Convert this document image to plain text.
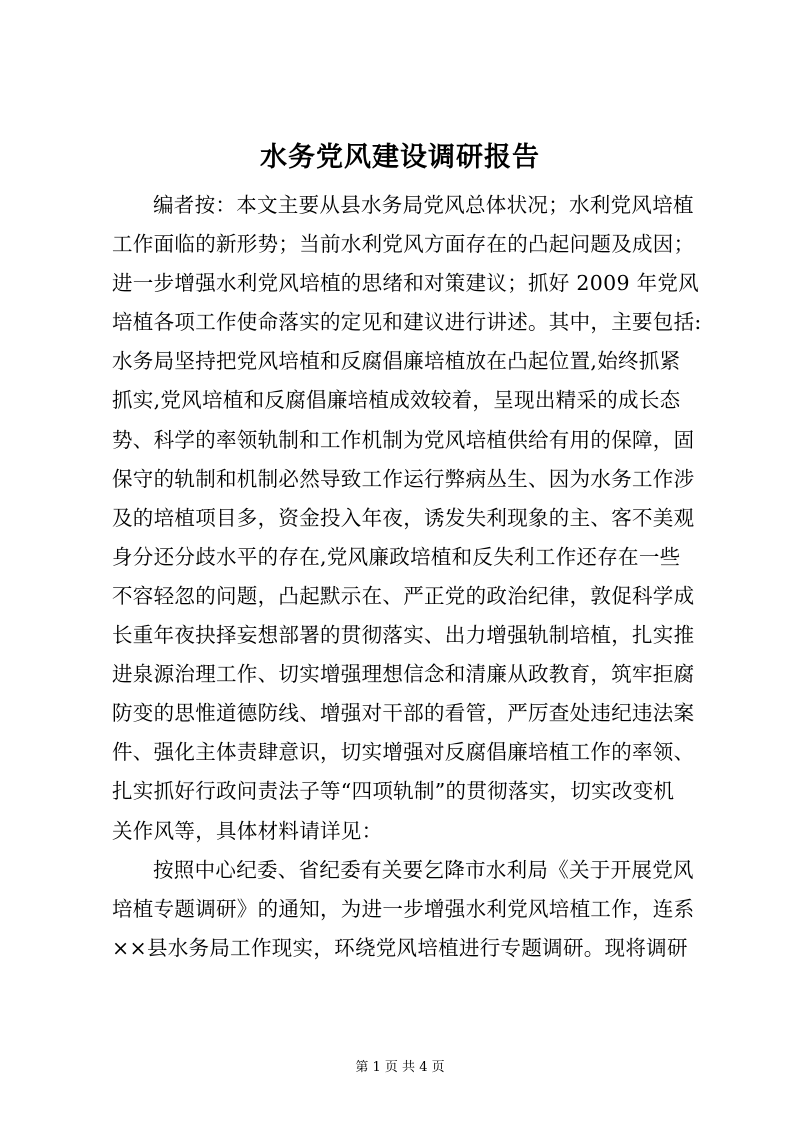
水务党风建设调研报告
编者按：本文主要从县水务局党风总体状况；水利党风培植
工作面临的新形势；当前水利党风方面存在的凸起问题及成因；
进一步增强水利党风培植的思绪和对策建议；抓好 2009 年党风
培植各项工作使命落实的定见和建议进行讲述。其中，主要包括:
水务局坚持把党风培植和反腐倡廉培植放在凸起位置,始终抓紧
抓实,党风培植和反腐倡廉培植成效较着，呈现出精采的成长态
势、科学的率领轨制和工作机制为党风培植供给有用的保障，固
保守的轨制和机制必然导致工作运行弊病丛生、因为水务工作涉
及的培植项目多，资金投入年夜，诱发失利现象的主、客不美观
身分还分歧水平的存在,党风廉政培植和反失利工作还存在一些
不容轻忽的问题，凸起默示在、严正党的政治纪律，敦促科学成
长重年夜抉择妄想部署的贯彻落实、出力增强轨制培植，扎实推
进泉源治理工作、切实增强理想信念和清廉从政教育，筑牢拒腐
防变的思惟道德防线、增强对干部的看管，严厉查处违纪违法案
件、强化主体责肆意识，切实增强对反腐倡廉培植工作的率领、
扎实抓好行政问责法子等“四项轨制”的贯彻落实，切实改变机
关作风等，具体材料请详见：
按照中心纪委、省纪委有关要乞降市水利局《关于开展党风
培植专题调研》的通知，为进一步增强水利党风培植工作，连系
××县水务局工作现实，环绕党风培植进行专题调研。现将调研
第 1 页 共 4 页
